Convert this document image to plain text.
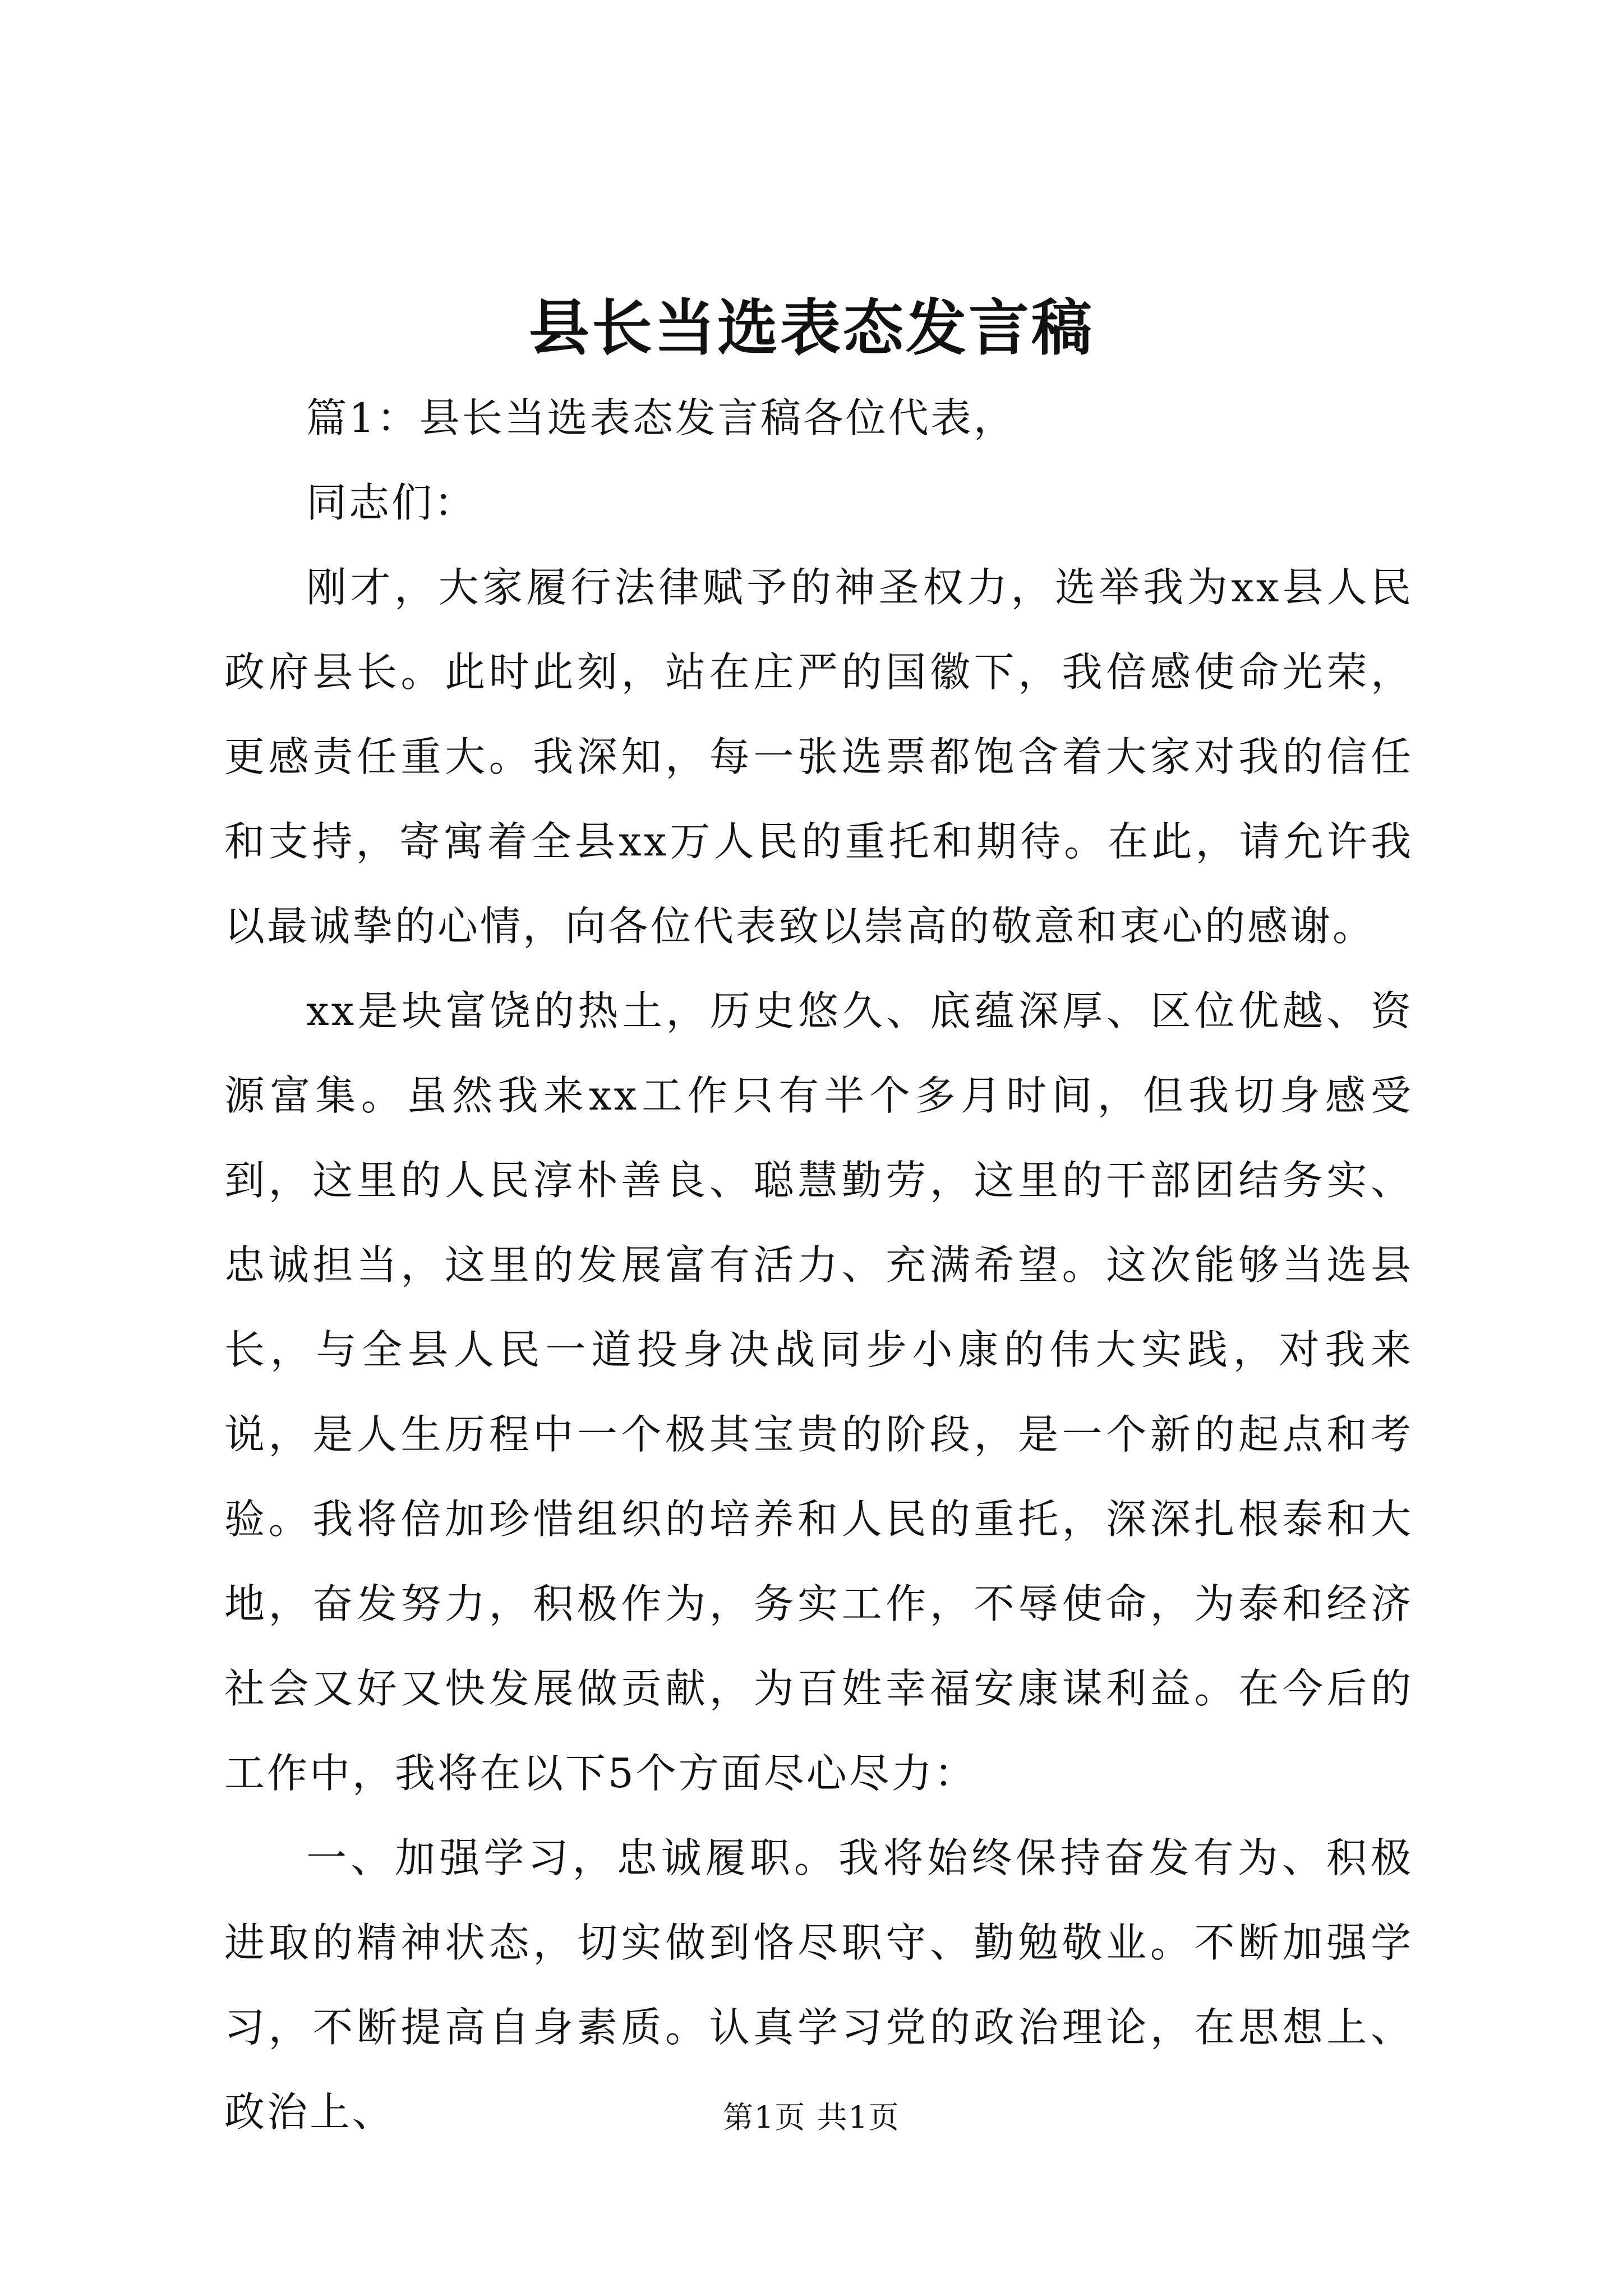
县长当选表态发言稿

篇1：县长当选表态发言稿各位代表，

同志们：

刚才，大家履行法律赋予的神圣权力，选举我为xx县人民政府县长。此时此刻，站在庄严的国徽下，我倍感使命光荣，更感责任重大。我深知，每一张选票都饱含着大家对我的信任和支持，寄寓着全县xx万人民的重托和期待。在此，请允许我以最诚挚的心情，向各位代表致以崇高的敬意和衷心的感谢。

xx是块富饶的热土，历史悠久、底蕴深厚、区位优越、资源富集。虽然我来xx工作只有半个多月时间，但我切身感受到，这里的人民淳朴善良、聪慧勤劳，这里的干部团结务实、忠诚担当，这里的发展富有活力、充满希望。这次能够当选县长，与全县人民一道投身决战同步小康的伟大实践，对我来说，是人生历程中一个极其宝贵的阶段，是一个新的起点和考验。我将倍加珍惜组织的培养和人民的重托，深深扎根泰和大地，奋发努力，积极作为，务实工作，不辱使命，为泰和经济社会又好又快发展做贡献，为百姓幸福安康谋利益。在今后的工作中，我将在以下5个方面尽心尽力：

一、加强学习，忠诚履职。我将始终保持奋发有为、积极进取的精神状态，切实做到恪尽职守、勤勉敬业。不断加强学习，不断提高自身素质。认真学习党的政治理论，在思想上、政治上、	第1页 共1页
